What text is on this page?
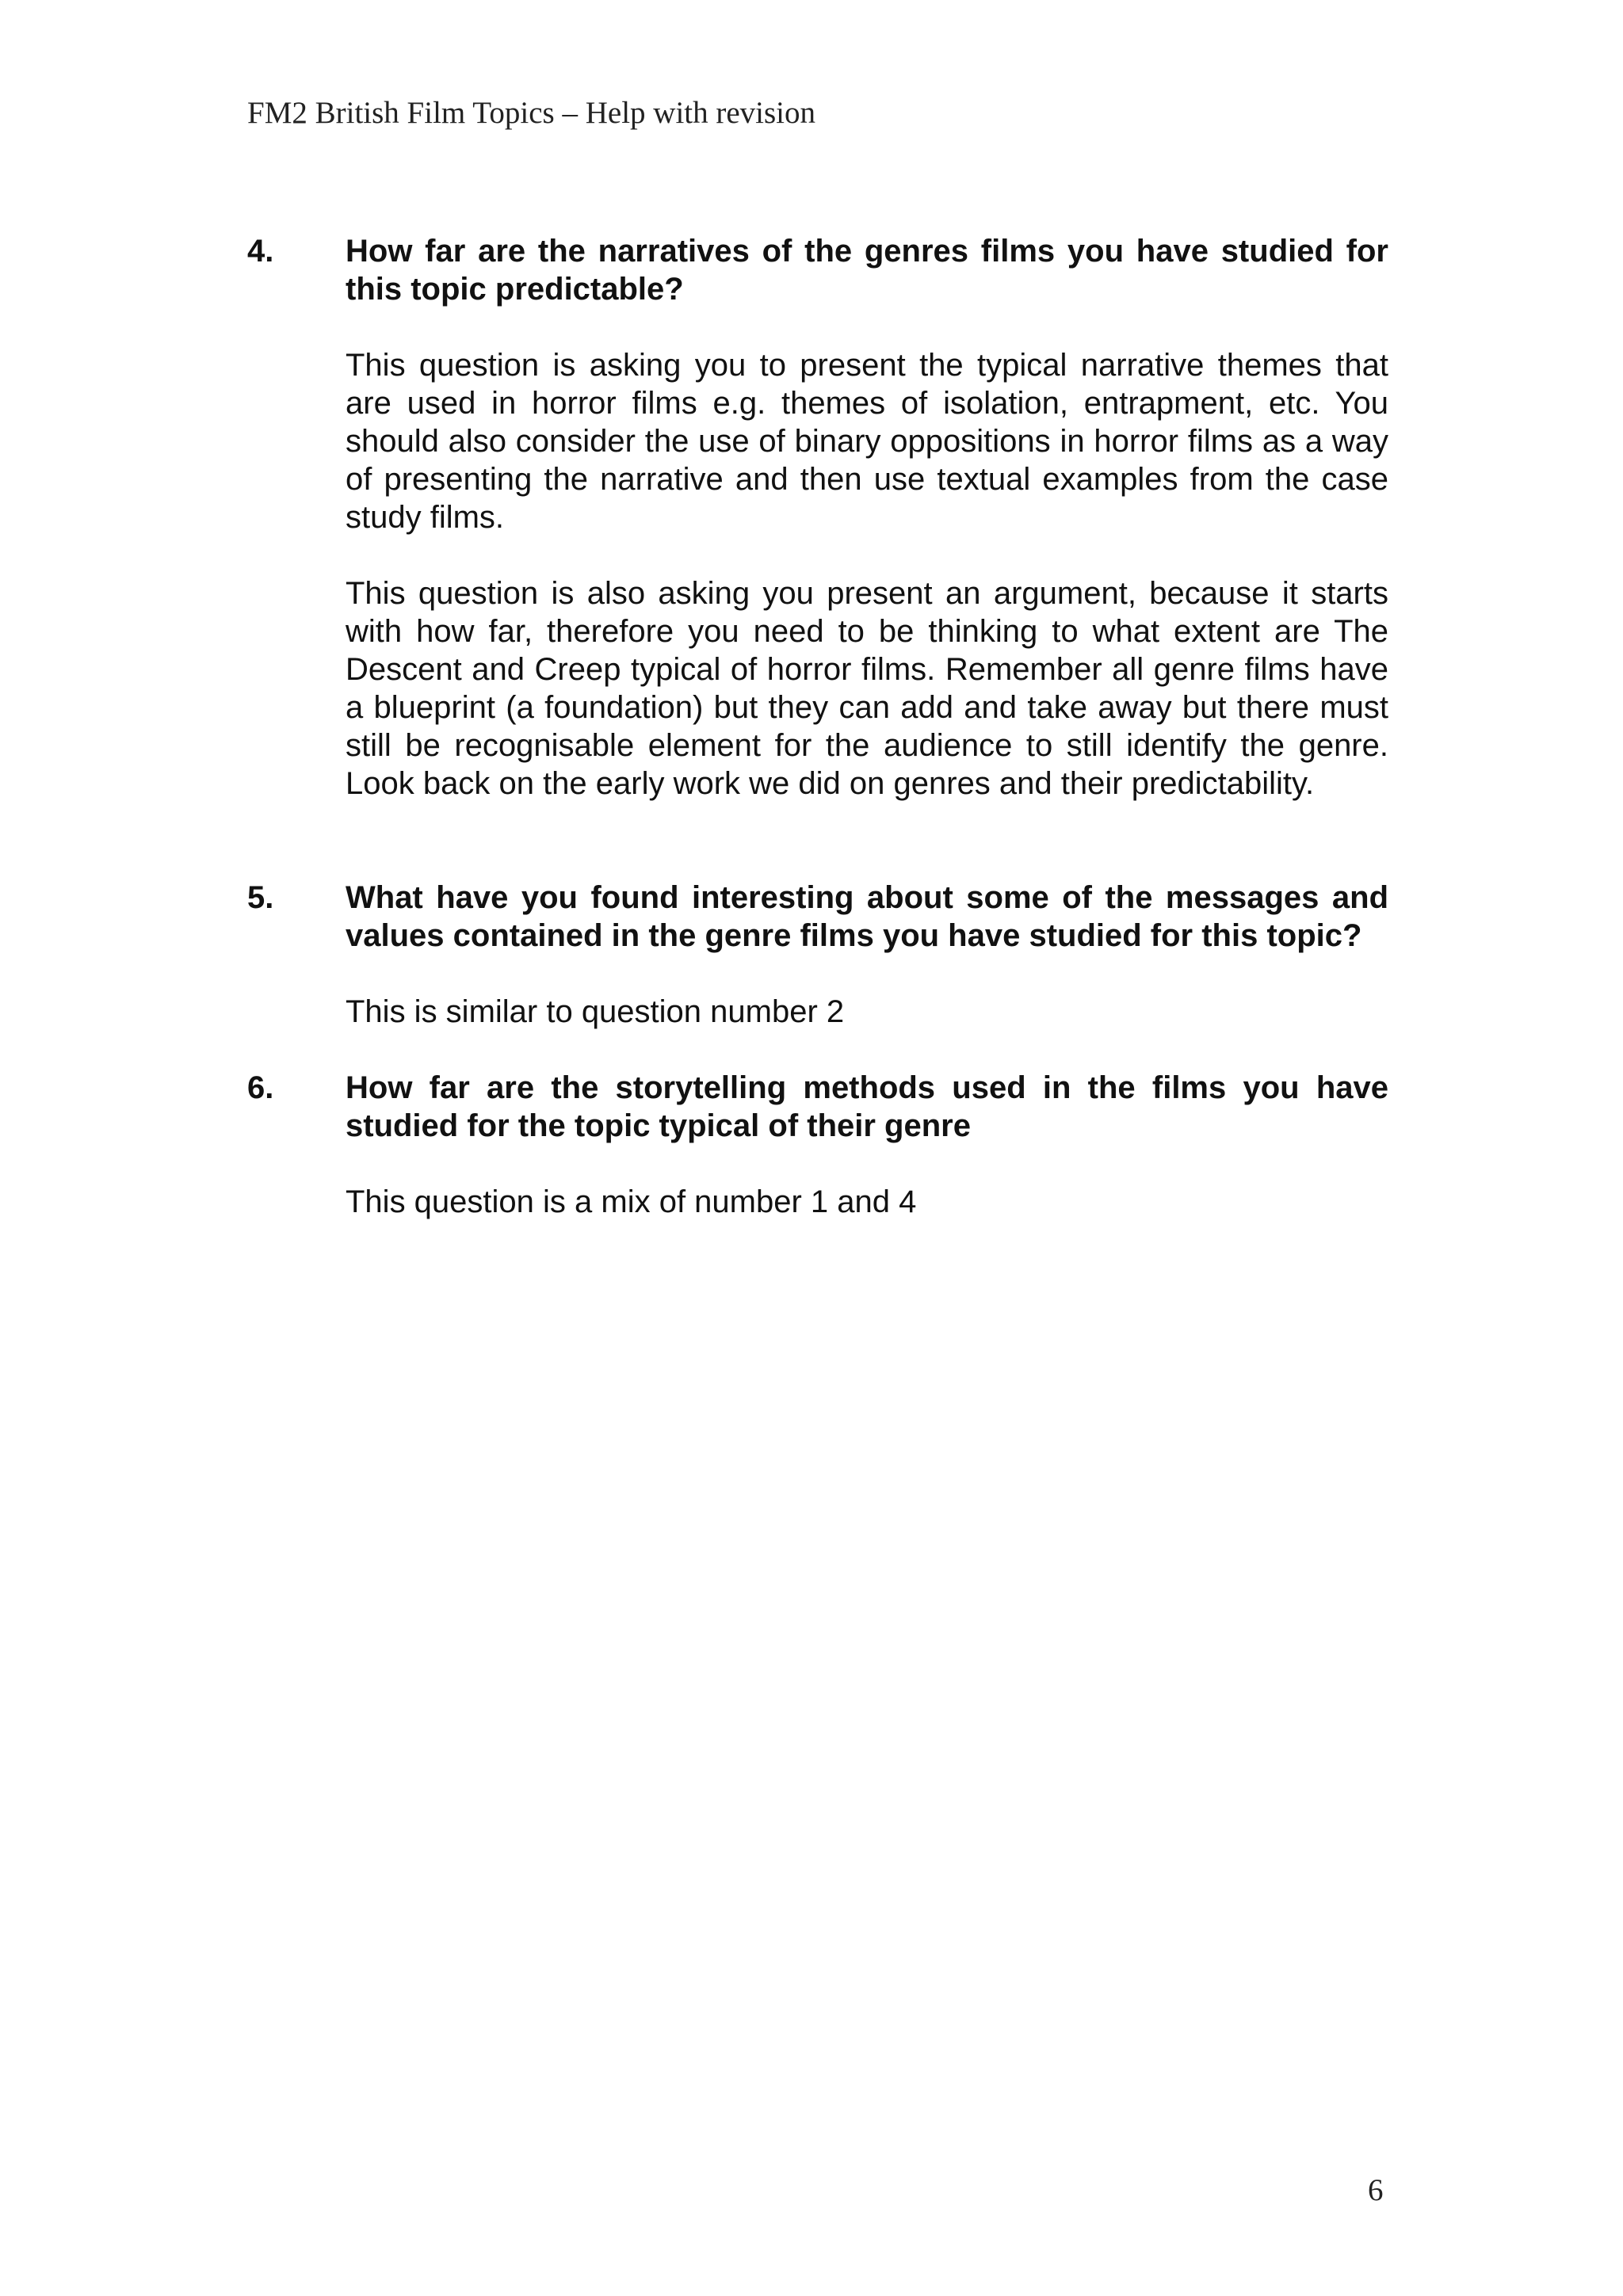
FM2 British Film Topics – Help with revision
4.	How far are the narratives of the genres films you have studied for this topic predictable?

This question is asking you to present the typical narrative themes that are used in horror films e.g. themes of isolation, entrapment, etc. You should also consider the use of binary oppositions in horror films as a way of presenting the narrative and then use textual examples from the case study films.

This question is also asking you present an argument, because it starts with how far, therefore you need to be thinking to what extent are The Descent and Creep typical of horror films. Remember all genre films have a blueprint (a foundation) but they can add and take away but there must still be recognisable element for the audience to still identify the genre. Look back on the early work we did on genres and their predictability.

5.	What have you found interesting about some of the messages and values contained in the genre films you have studied for this topic?

This is similar to question number 2

6.	How far are the storytelling methods used in the films you have studied for the topic typical of their genre

This question is a mix of number 1 and 4

6
